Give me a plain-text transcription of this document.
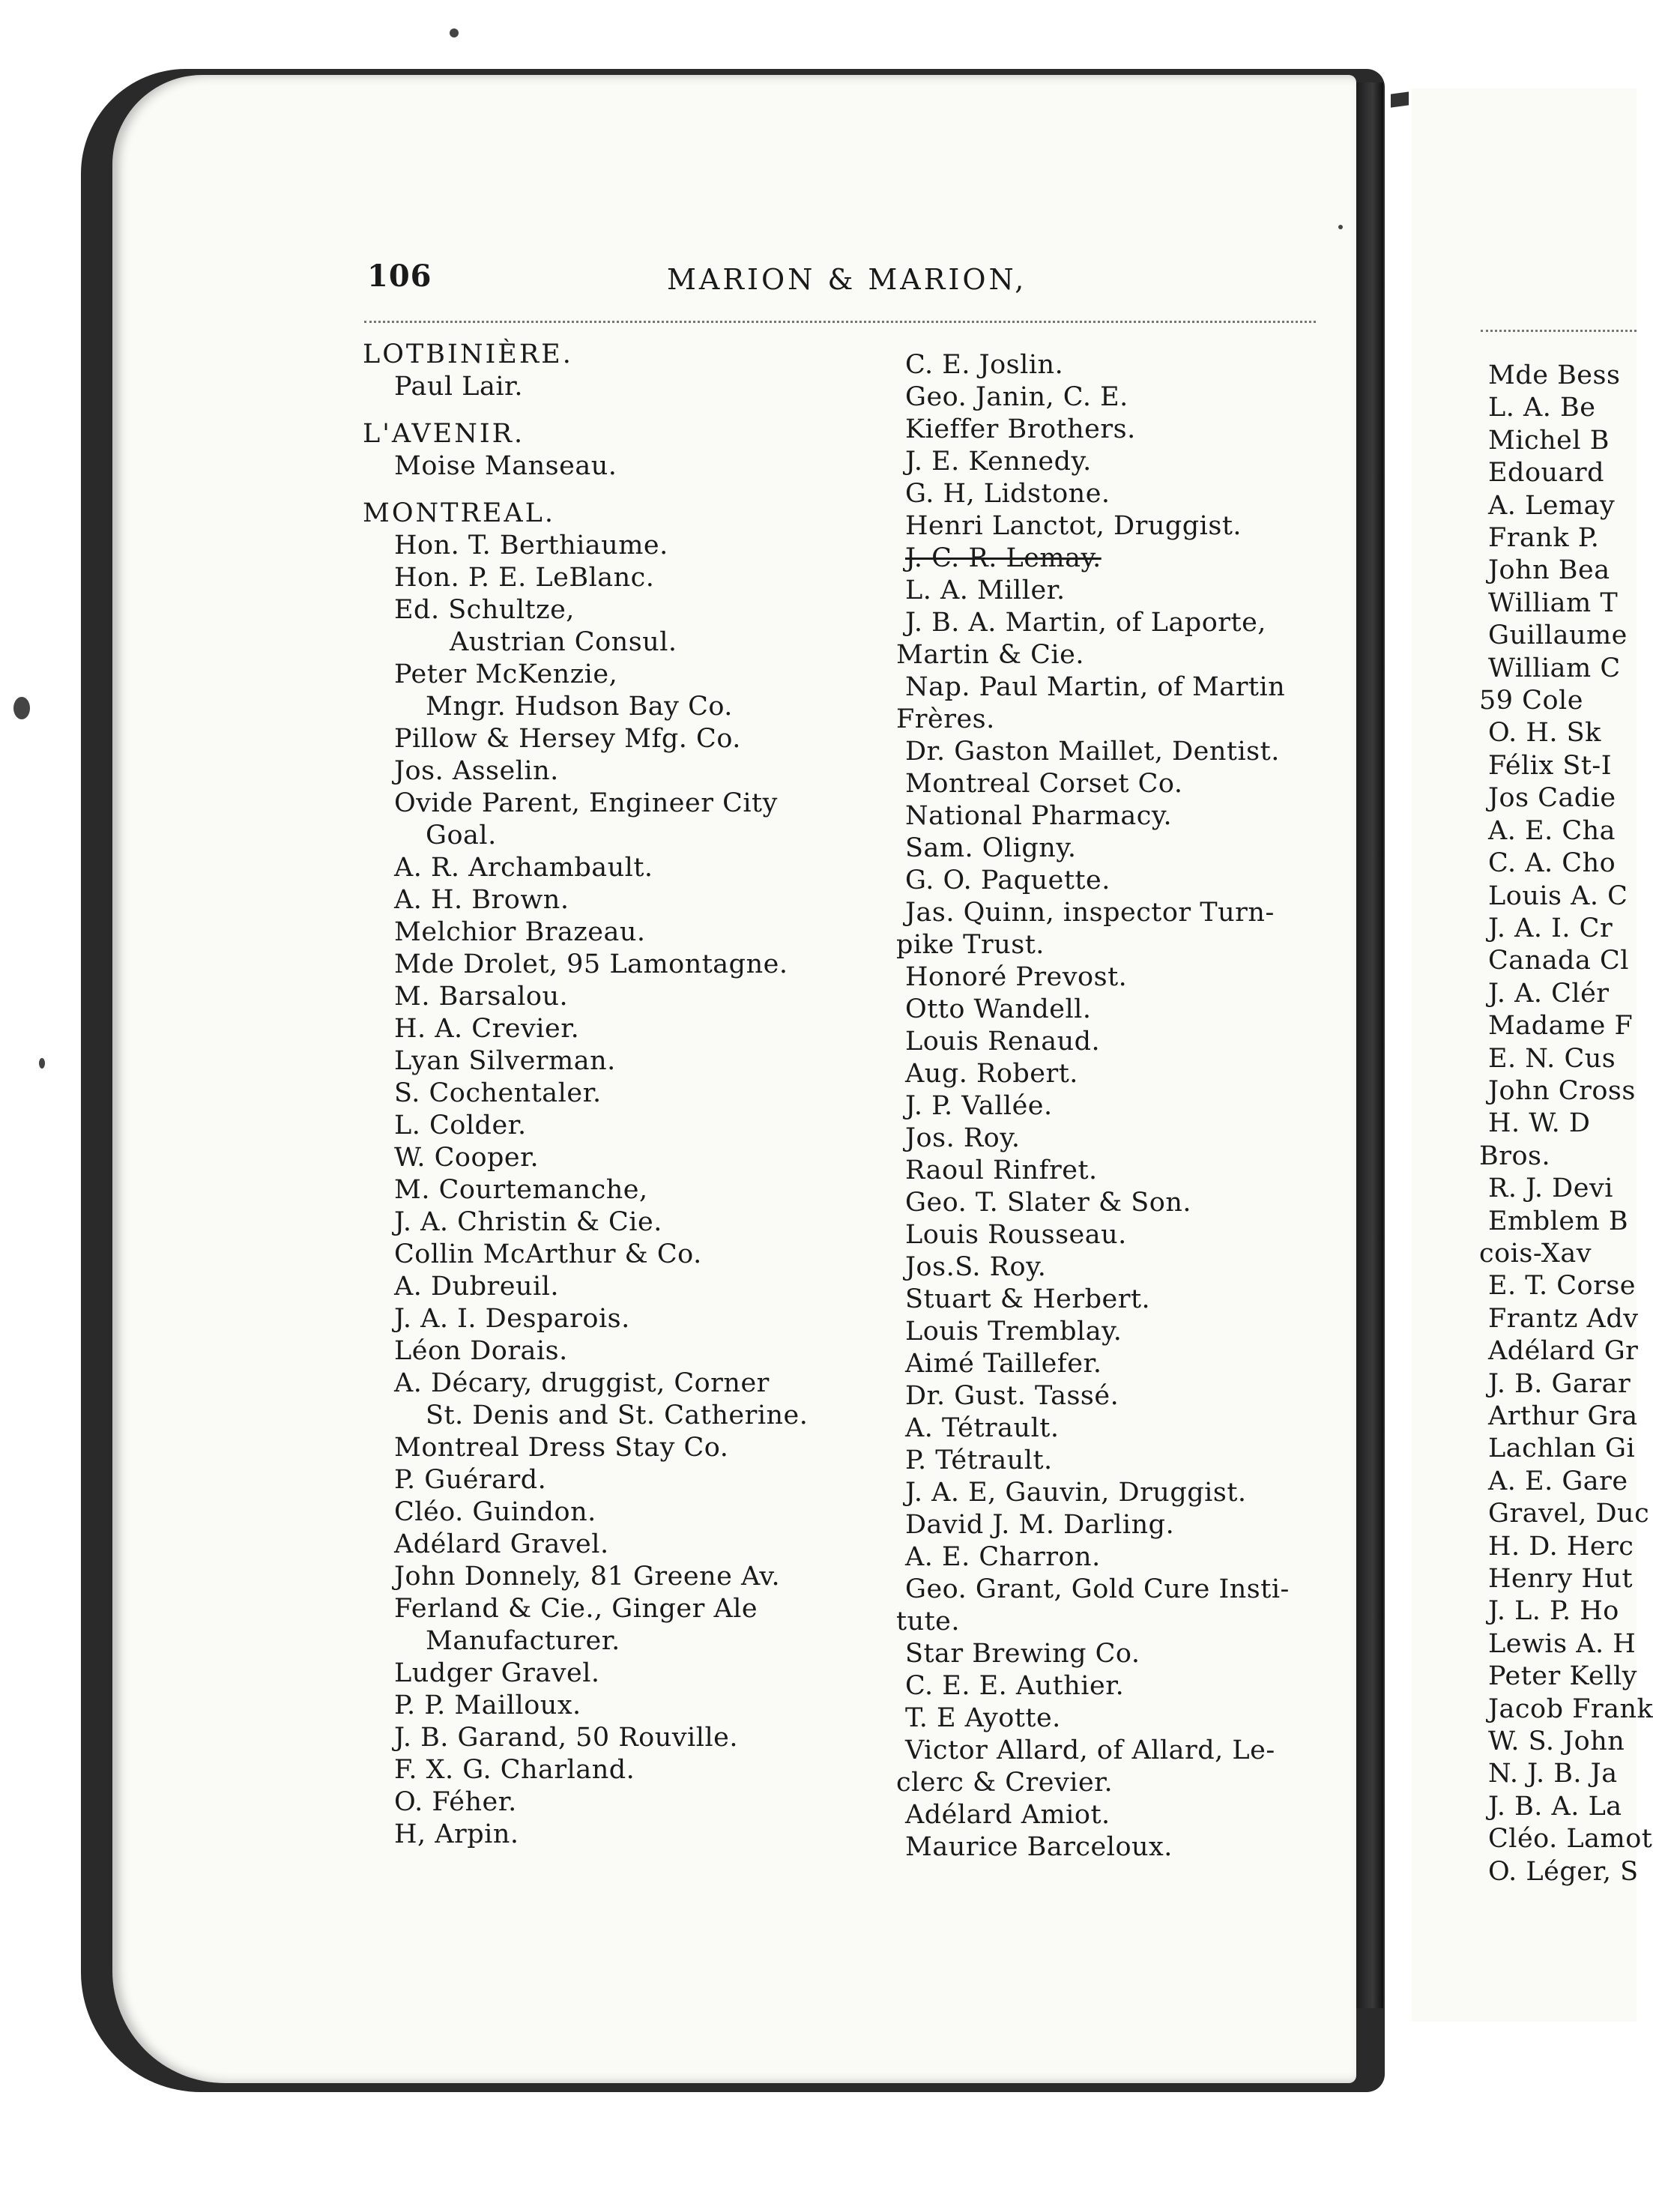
106	MARION & MARION,
LOTBINIÈRE.
Paul Lair.
L'AVENIR.
Moise Manseau.
MONTREAL.
Hon. T. Berthiaume.
Hon. P. E. LeBlanc.
Ed. Schultze,
Austrian Consul.
Peter McKenzie,
Mngr. Hudson Bay Co.
Pillow & Hersey Mfg. Co.
Jos. Asselin.
Ovide Parent, Engineer City
Goal.
A. R. Archambault.
A. H. Brown.
Melchior Brazeau.
Mde Drolet, 95 Lamontagne.
M. Barsalou.
H. A. Crevier.
Lyan Silverman.
S. Cochentaler.
L. Colder.
W. Cooper.
M. Courtemanche,
J. A. Christin & Cie.
Collin McArthur & Co.
A. Dubreuil.
J. A. I. Desparois.
Léon Dorais.
A. Décary, druggist, Corner
St. Denis and St. Catherine.
Montreal Dress Stay Co.
P. Guérard.
Cléo. Guindon.
Adélard Gravel.
John Donnely, 81 Greene Av.
Ferland & Cie., Ginger Ale
Manufacturer.
Ludger Gravel.
P. P. Mailloux.
J. B. Garand, 50 Rouville.
F. X. G. Charland.
O. Féher.
H, Arpin.
C. E. Joslin.
Geo. Janin, C. E.
Kieffer Brothers.
J. E. Kennedy.
G. H, Lidstone.
Henri Lanctot, Druggist.
J. C. R. Lemay.
L. A. Miller.
J. B. A. Martin, of Laporte,
Martin & Cie.
Nap. Paul Martin, of Martin
Frères.
Dr. Gaston Maillet, Dentist.
Montreal Corset Co.
National Pharmacy.
Sam. Oligny.
G. O. Paquette.
Jas. Quinn, inspector Turn-
pike Trust.
Honoré Prevost.
Otto Wandell.
Louis Renaud.
Aug. Robert.
J. P. Vallée.
Jos. Roy.
Raoul Rinfret.
Geo. T. Slater & Son.
Louis Rousseau.
Jos.S. Roy.
Stuart & Herbert.
Louis Tremblay.
Aimé Taillefer.
Dr. Gust. Tassé.
A. Tétrault.
P. Tétrault.
J. A. E, Gauvin, Druggist.
David J. M. Darling.
A. E. Charron.
Geo. Grant, Gold Cure Insti-
tute.
Star Brewing Co.
C. E. E. Authier.
T. E Ayotte.
Victor Allard, of Allard, Le-
clerc & Crevier.
Adélard Amiot.
Maurice Barceloux.
Mde Bess
L. A. Be
Michel B
Edouard
A. Lemay
Frank P.
John Bea
William T
Guillaume
William C
59 Cole
O. H. Sk
Félix St-I
Jos Cadie
A. E. Cha
C. A. Cho
Louis A. C
J. A. I. Cr
Canada Cl
J. A. Clér
Madame F
E. N. Cus
John Cross
H. W. D
Bros.
R. J. Devi
Emblem B
cois-Xav
E. T. Corse
Frantz Adv
Adélard Gr
J. B. Garar
Arthur Gra
Lachlan Gi
A. E. Gare
Gravel, Duc
H. D. Herc
Henry Hut
J. L. P. Ho
Lewis A. H
Peter Kelly
Jacob Frank
W. S. John
N. J. B. Ja
J. B. A. La
Cléo. Lamot
O. Léger, S
